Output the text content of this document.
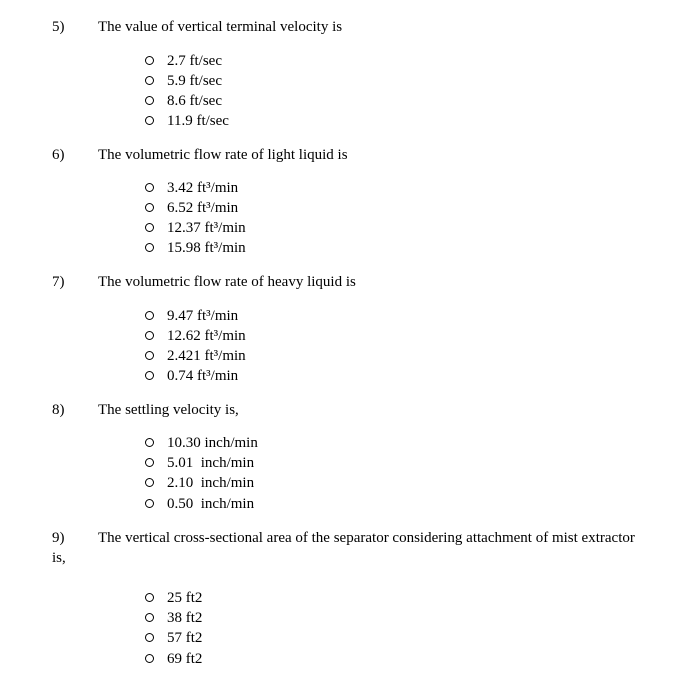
5) The value of vertical terminal velocity is
2.7 ft/sec
5.9 ft/sec
8.6 ft/sec
11.9 ft/sec
6) The volumetric flow rate of light liquid is
3.42 ft³/min
6.52 ft³/min
12.37 ft³/min
15.98 ft³/min
7) The volumetric flow rate of heavy liquid is
9.47 ft³/min
12.62 ft³/min
2.421 ft³/min
0.74 ft³/min
8) The settling velocity is,
10.30 inch/min
5.01  inch/min
2.10  inch/min
0.50  inch/min
9)
is,
The vertical cross-sectional area of the separator considering attachment of mist extractor
25 ft2
38 ft2
57 ft2
69 ft2
